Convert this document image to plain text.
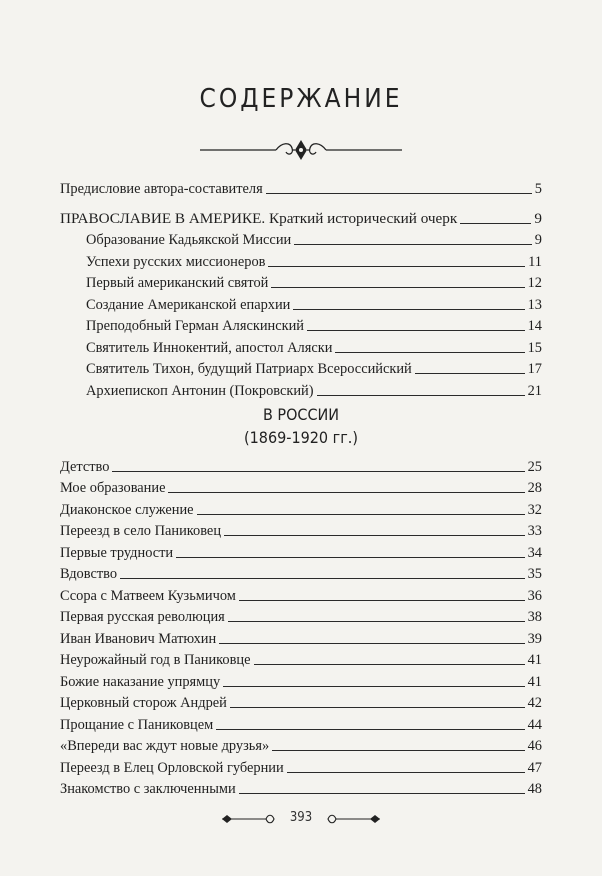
СОДЕРЖАНИЕ
Предисловие автора-составителя	5
ПРАВОСЛАВИЕ В АМЕРИКЕ. Краткий исторический очерк	9
Образование Кадьякской Миссии	9
Успехи русских миссионеров	11
Первый американский святой	12
Создание Американской епархии	13
Преподобный Герман Аляскинский	14
Святитель Иннокентий, апостол Аляски	15
Святитель Тихон, будущий Патриарх Всероссийский	17
Архиепископ Антонин (Покровский)	21
В РОССИИ
(1869-1920 гг.)
Детство	25
Мое образование	28
Диаконское служение	32
Переезд в село Паниковец	33
Первые трудности	34
Вдовство	35
Ссора с Матвеем Кузьмичом	36
Первая русская революция	38
Иван Иванович Матюхин	39
Неурожайный год в Паниковце	41
Божие наказание упрямцу	41
Церковный сторож Андрей	42
Прощание с Паниковцем	44
«Впереди вас ждут новые друзья»	46
Переезд в Елец Орловской губернии	47
Знакомство с заключенными	48
393
